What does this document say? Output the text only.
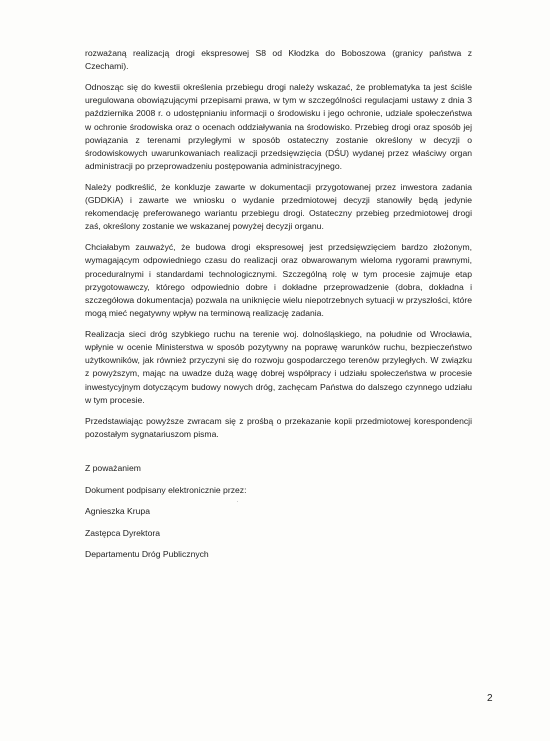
rozważaną realizacją drogi ekspresowej S8 od Kłodzka do Boboszowa (granicy państwa z Czechami).

Odnosząc się do kwestii określenia przebiegu drogi należy wskazać, że problematyka ta jest ściśle uregulowana obowiązującymi przepisami prawa, w tym w szczególności regulacjami ustawy z dnia 3 października 2008 r. o udostępnianiu informacji o środowisku i jego ochronie, udziale społeczeństwa w ochronie środowiska oraz o ocenach oddziaływania na środowisko. Przebieg drogi oraz sposób jej powiązania z terenami przyległymi w sposób ostateczny zostanie określony w decyzji o środowiskowych uwarunkowaniach realizacji przedsięwzięcia (DŚU) wydanej przez właściwy organ administracji po przeprowadzeniu postępowania administracyjnego.

Należy podkreślić, że konkluzje zawarte w dokumentacji przygotowanej przez inwestora zadania (GDDKiA) i zawarte we wniosku o wydanie przedmiotowej decyzji stanowiły będą jedynie rekomendację preferowanego wariantu przebiegu drogi. Ostateczny przebieg przedmiotowej drogi zaś, określony zostanie we wskazanej powyżej decyzji organu.

Chciałabym zauważyć, że budowa drogi ekspresowej jest przedsięwzięciem bardzo złożonym, wymagającym odpowiedniego czasu do realizacji oraz obwarowanym wieloma rygorami prawnymi, proceduralnymi i standardami technologicznymi. Szczególną rolę w tym procesie zajmuje etap przygotowawczy, którego odpowiednio dobre i dokładne przeprowadzenie (dobra, dokładna i szczegółowa dokumentacja) pozwala na uniknięcie wielu niepotrzebnych sytuacji w przyszłości, które mogą mieć negatywny wpływ na terminową realizację zadania.

Realizacja sieci dróg szybkiego ruchu na terenie woj. dolnośląskiego, na południe od Wrocławia, wpłynie w ocenie Ministerstwa w sposób pozytywny na poprawę warunków ruchu, bezpieczeństwo użytkowników, jak również przyczyni się do rozwoju gospodarczego terenów przyległych. W związku z powyższym, mając na uwadze dużą wagę dobrej współpracy i udziału społeczeństwa w procesie inwestycyjnym dotyczącym budowy nowych dróg, zachęcam Państwa do dalszego czynnego udziału w tym procesie.

Przedstawiając powyższe zwracam się z prośbą o przekazanie kopii przedmiotowej korespondencji pozostałym sygnatariuszom pisma.

Z poważaniem

Dokument podpisany elektronicznie przez:

Agnieszka Krupa

Zastępca Dyrektora

Departamentu Dróg Publicznych

2
